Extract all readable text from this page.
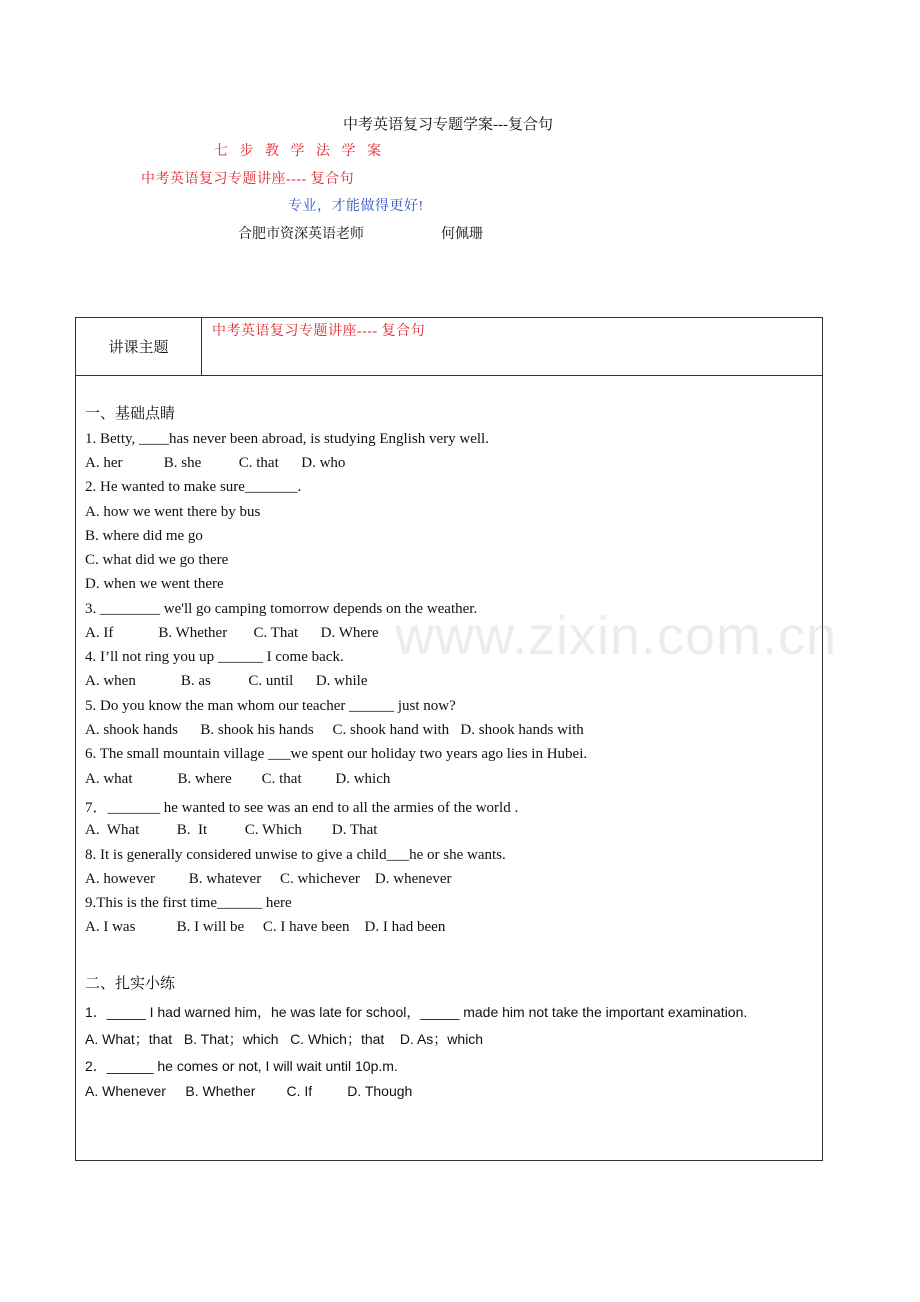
中考英语复习专题学案---复合句
七 步 教 学 法 学 案
中考英语复习专题讲座---- 复合句
专业，才能做得更好!
合肥市资深英语老师	何佩珊
讲课主题
中考英语复习专题讲座---- 复合句
一、基础点睛
1. Betty, ____has never been abroad, is studying English very well.
A. her           B. she          C. that      D. who
2. He wanted to make sure_______.
A. how we went there by bus
B. where did me go
C. what did we go there
D. when we went there
3. ________ we'll go camping tomorrow depends on the weather.
A. If            B. Whether       C. That      D. Where
4. I’ll not ring you up ______ I come back.
A. when            B. as          C. until      D. while
5. Do you know the man whom our teacher ______ just now?
A. shook hands      B. shook his hands     C. shook hand with   D. shook hands with
6. The small mountain village ___we spent our holiday two years ago lies in Hubei.
A. what            B. where        C. that         D. which
7．_______ he wanted to see was an end to all the armies of the world .
A.  What          B.  It          C. Which        D. That
8. It is generally considered unwise to give a child___he or she wants.
A. however         B. whatever     C. whichever    D. whenever
9.This is the first time______ here
A. I was           B. I will be     C. I have been    D. I had been
二、扎实小练
1．_____ I had warned him，he was late for school，_____ made him not take the important examination.
A. What；that   B. That；which   C. Which；that    D. As；which
2．______ he comes or not, I will wait until 10p.m.
A. Whenever     B. Whether        C. If         D. Though
www.zixin.com.cn
